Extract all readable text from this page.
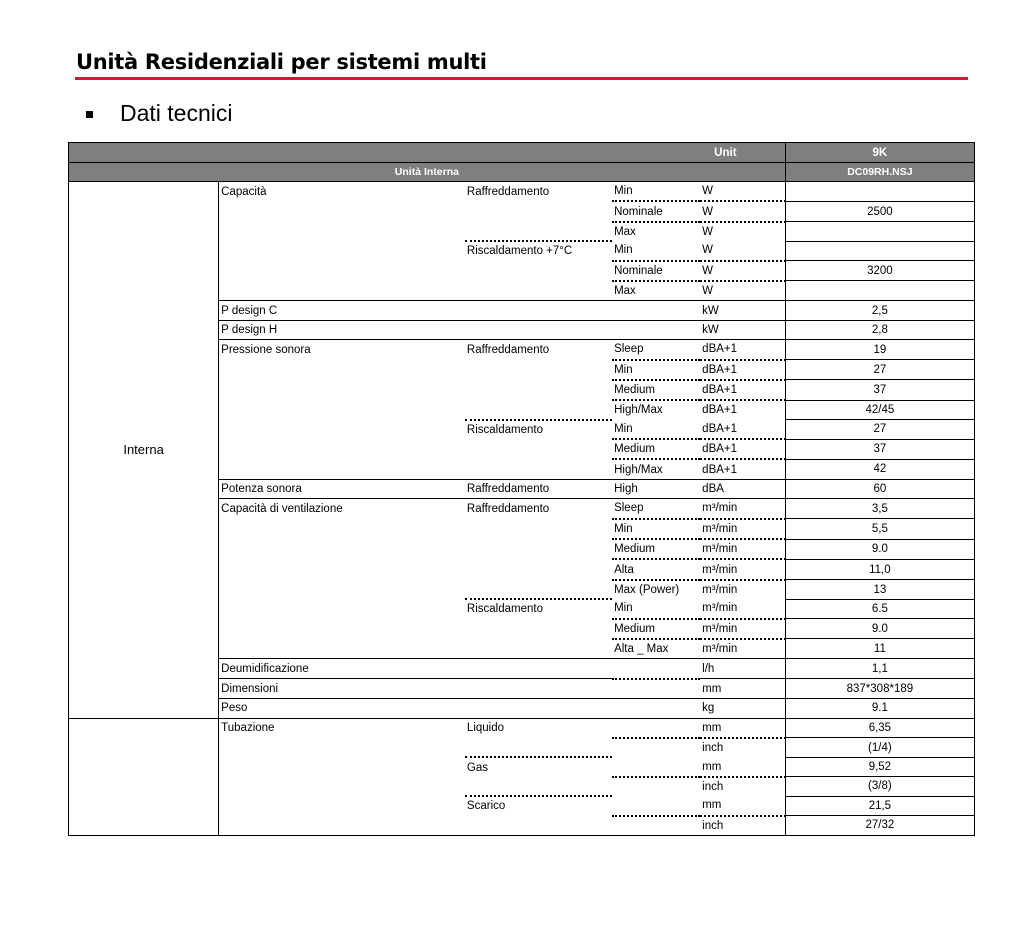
Unità Residenziali per sistemi multi
Dati tecnici
				Unit	9K
Unità Interna					DC09RH.NSJ
Interna	Capacità	Raffreddamento	Min	W	
			Nominale	W	2500
			Max	W	
		Riscaldamento +7°C	Min	W	
			Nominale	W	3200
			Max	W	
	P design C			kW	2,5
	P design H			kW	2,8
	Pressione sonora	Raffreddamento	Sleep	dBA+1	19
			Min	dBA+1	27
			Medium	dBA+1	37
			High/Max	dBA+1	42/45
		Riscaldamento	Min	dBA+1	27
			Medium	dBA+1	37
			High/Max	dBA+1	42
	Potenza sonora	Raffreddamento	High	dBA	60
	Capacità di ventilazione	Raffreddamento	Sleep	m³/min	3,5
			Min	m³/min	5,5
			Medium	m³/min	9.0
			Alta	m³/min	11,0
			Max (Power)	m³/min	13
		Riscaldamento	Min	m³/min	6.5
			Medium	m³/min	9.0
			Alta _ Max	m³/min	11
	Deumidificazione			l/h	1,1
	Dimensioni			mm	837*308*189
	Peso			kg	9.1
	Tubazione	Liquido		mm	6,35
				inch	(1/4)
		Gas		mm	9,52
				inch	(3/8)
		Scarico		mm	21,5
				inch	27/32
